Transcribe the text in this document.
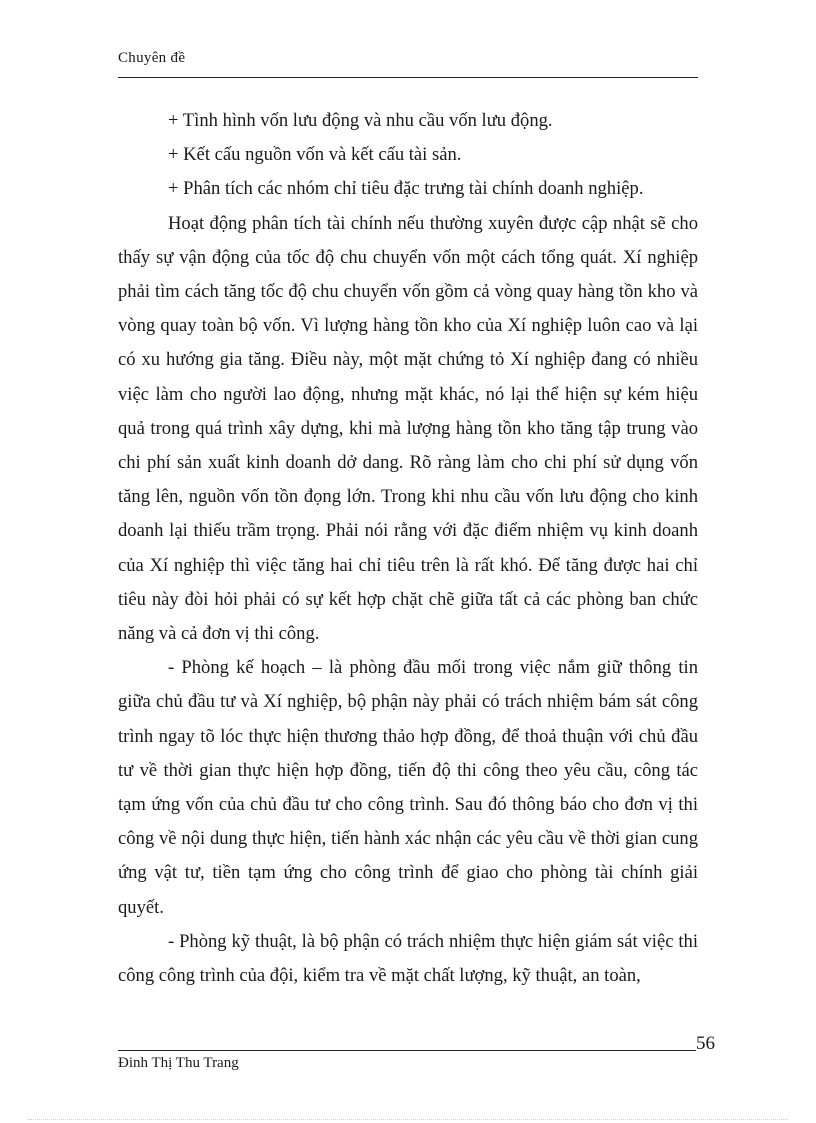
Chuyên đề

+ Tình hình vốn lưu động và nhu cầu vốn lưu động.

+ Kết cấu nguồn vốn và kết cấu tài sản.

+ Phân tích các nhóm chỉ tiêu đặc trưng tài chính doanh nghiệp.

Hoạt động phân tích tài chính nếu thường xuyên được cập nhật sẽ cho thấy sự vận động của tốc độ chu chuyển vốn một cách tổng quát. Xí nghiệp phải tìm cách tăng tốc độ chu chuyển vốn gồm cả vòng quay hàng tồn kho và vòng quay toàn bộ vốn. Vì lượng hàng tồn kho của Xí nghiệp luôn cao và lại có xu hướng gia tăng. Điều này, một mặt chứng tỏ Xí nghiệp đang có nhiều việc làm cho người lao động, nhưng mặt khác, nó lại thể hiện sự kém hiệu quả trong quá trình xây dựng, khi mà lượng hàng tồn kho tăng tập trung vào chi phí sản xuất kinh doanh dở dang. Rõ ràng làm cho chi phí sử dụng vốn tăng lên, nguồn vốn tồn đọng lớn. Trong khi nhu cầu vốn lưu động cho kinh doanh lại thiếu trầm trọng. Phải nói rằng với đặc điểm nhiệm vụ kinh doanh của Xí nghiệp thì việc tăng hai chỉ tiêu trên là rất khó. Để tăng được hai chỉ tiêu này đòi hỏi phải có sự kết hợp chặt chẽ giữa tất cả các phòng ban chức năng và cả đơn vị thi công.

- Phòng kế hoạch – là phòng đầu mối trong việc nắm giữ thông tin giữa chủ đầu tư và Xí nghiệp, bộ phận này phải có trách nhiệm bám sát công trình ngay tõ lóc thực hiện thương thảo hợp đồng, để thoả thuận với chủ đầu tư về thời gian thực hiện hợp đồng, tiến độ thi công theo yêu cầu, công tác tạm ứng vốn của chủ đầu tư cho công trình. Sau đó thông báo cho đơn vị thi công về nội dung thực hiện, tiến hành xác nhận các yêu cầu về thời gian cung ứng vật tư, tiền tạm ứng cho công trình để giao cho phòng tài chính giải quyết.

- Phòng kỹ thuật, là bộ phận có trách nhiệm thực hiện giám sát việc thi công công trình của đội, kiểm tra về mặt chất lượng, kỹ thuật, an toàn,

56
Đinh Thị Thu Trang
